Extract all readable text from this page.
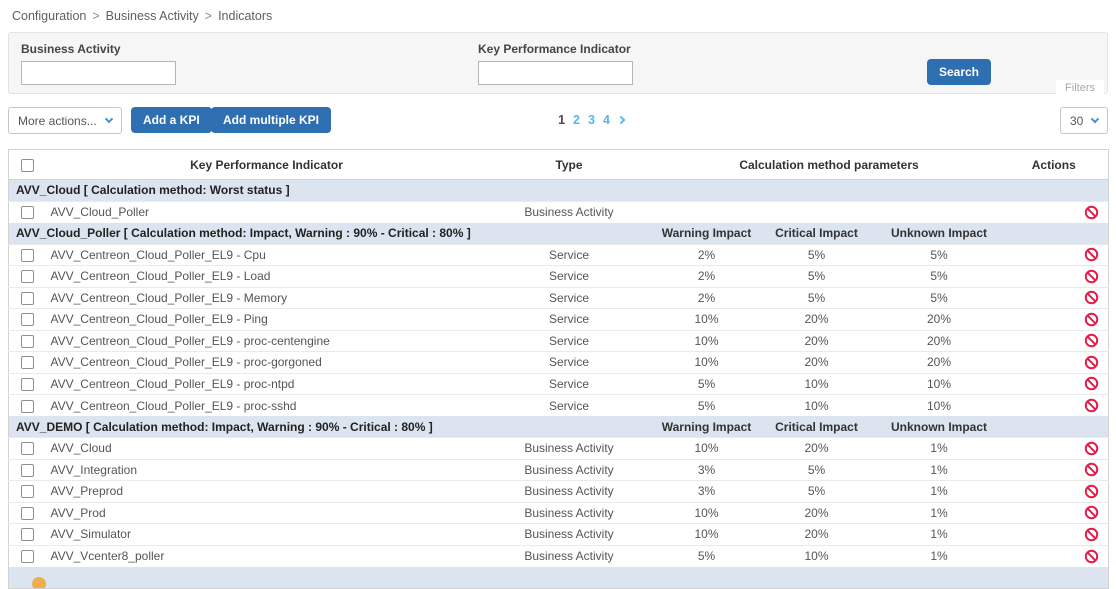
Configuration > Business Activity > Indicators
Business Activity	Key Performance Indicator
Search
Filters
More actions...	Add a KPI	Add multiple KPI	1 2 3 4	30
	Key Performance Indicator	Type	Calculation method parameters			Actions
AVV_Cloud [ Calculation method: Worst status ]						
	AVV_Cloud_Poller	Business Activity				

AVV_Cloud_Poller [ Calculation method: Impact, Warning : 90% - Critical : 80% ]			Warning Impact	Critical Impact	Unknown Impact	
	AVV_Centreon_Cloud_Poller_EL9 - Cpu	Service	2%	5%	5%	

	AVV_Centreon_Cloud_Poller_EL9 - Load	Service	2%	5%	5%	

	AVV_Centreon_Cloud_Poller_EL9 - Memory	Service	2%	5%	5%	

	AVV_Centreon_Cloud_Poller_EL9 - Ping	Service	10%	20%	20%	

	AVV_Centreon_Cloud_Poller_EL9 - proc-centengine	Service	10%	20%	20%	

	AVV_Centreon_Cloud_Poller_EL9 - proc-gorgoned	Service	10%	20%	20%	

	AVV_Centreon_Cloud_Poller_EL9 - proc-ntpd	Service	5%	10%	10%	

	AVV_Centreon_Cloud_Poller_EL9 - proc-sshd	Service	5%	10%	10%	

AVV_DEMO [ Calculation method: Impact, Warning : 90% - Critical : 80% ]			Warning Impact	Critical Impact	Unknown Impact	
	AVV_Cloud	Business Activity	10%	20%	1%	

	AVV_Integration	Business Activity	3%	5%	1%	

	AVV_Preprod	Business Activity	3%	5%	1%	

	AVV_Prod	Business Activity	10%	20%	1%	

	AVV_Simulator	Business Activity	10%	20%	1%	

	AVV_Vcenter8_poller	Business Activity	5%	10%	1%	
